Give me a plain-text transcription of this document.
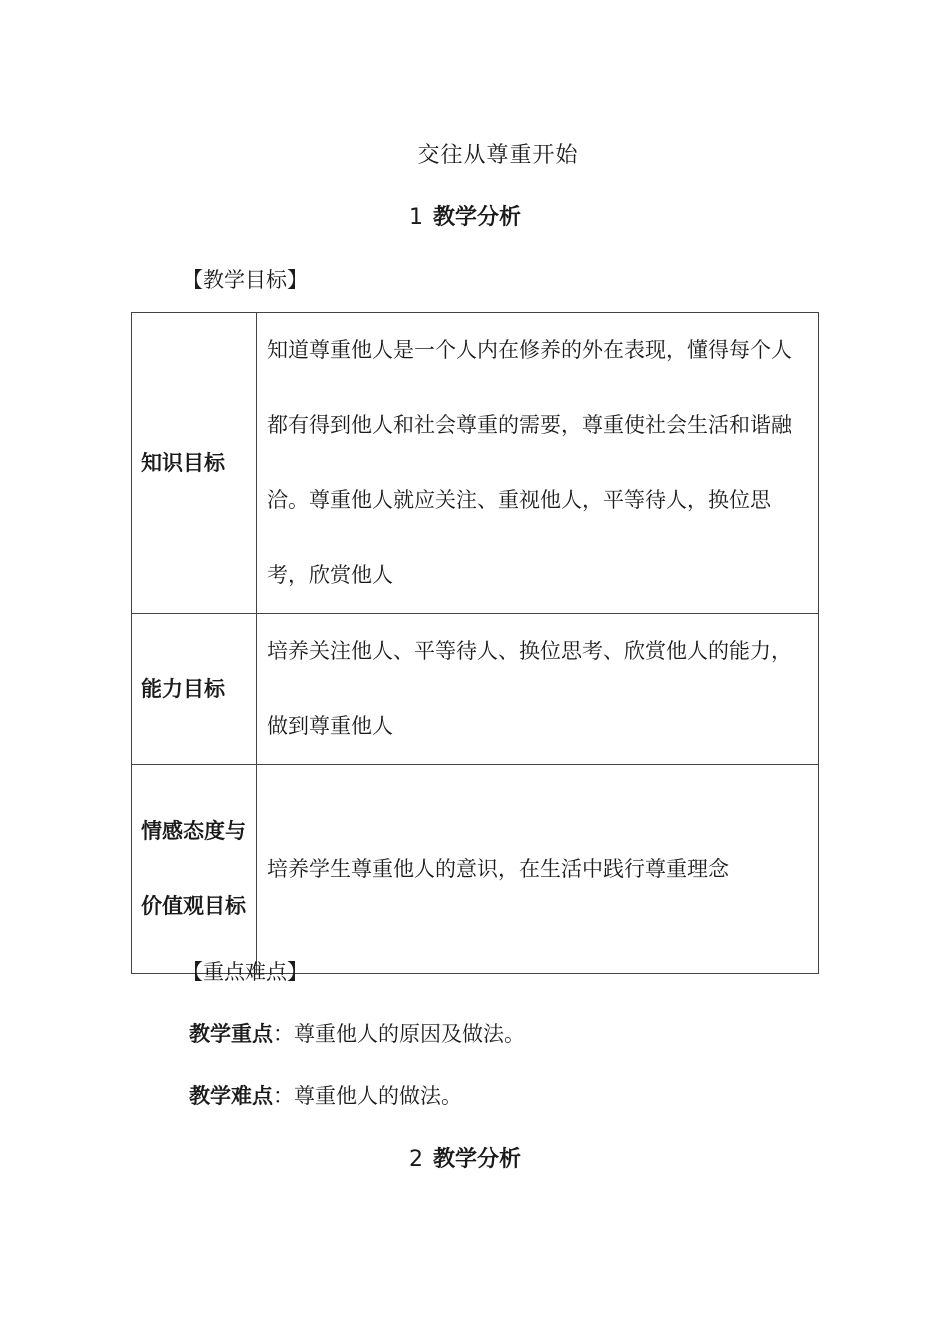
交往从尊重开始
1 教学分析
【教学目标】
知识目标	知道尊重他人是一个人内在修养的外在表现，懂得每个人都有得到他人和社会尊重的需要，尊重使社会生活和谐融洽。尊重他人就应关注、重视他人，平等待人，换位思考，欣赏他人
能力目标	培养关注他人、平等待人、换位思考、欣赏他人的能力，做到尊重他人
情感态度与价值观目标	培养学生尊重他人的意识，在生活中践行尊重理念
【重点难点】
教学重点：尊重他人的原因及做法。
教学难点：尊重他人的做法。
2 教学分析
